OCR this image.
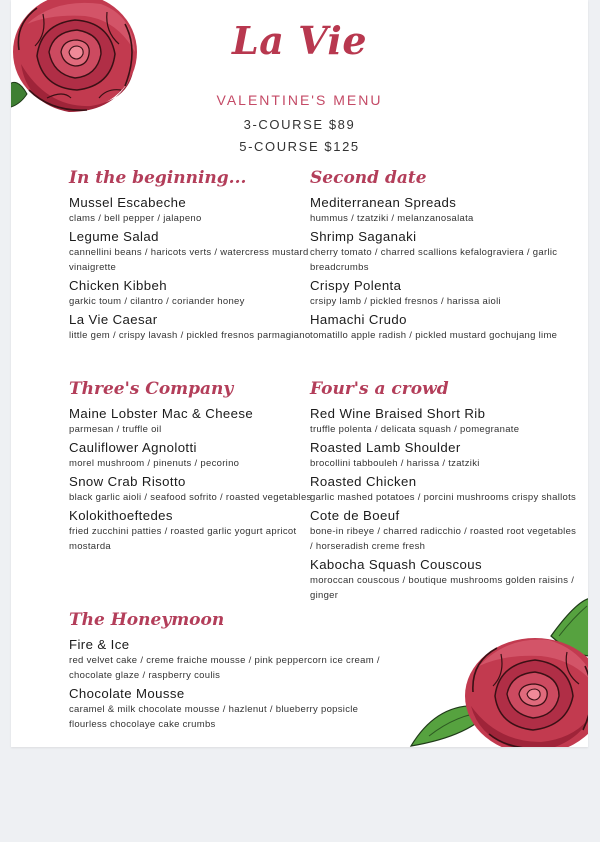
La Vie
VALENTINE'S MENU
3-COURSE $89
5-COURSE $125
In the beginning...
Mussel Escabeche
clams / bell pepper / jalapeno
Legume Salad
cannellini beans / haricots verts / watercress mustard vinaigrette
Chicken Kibbeh
garkic toum / cilantro / coriander honey
La Vie Caesar
little gem / crispy lavash / pickled fresnos parmagiano
Second date
Mediterranean Spreads
hummus / tzatziki / melanzanosalata
Shrimp Saganaki
cherry tomato / charred scallions kefalograviera / garlic breadcrumbs
Crispy Polenta
crsipy lamb / pickled fresnos / harissa aioli
Hamachi Crudo
tomatillo apple radish / pickled mustard gochujang lime
Three's Company
Maine Lobster Mac & Cheese
parmesan / truffle oil
Cauliflower Agnolotti
morel mushroom / pinenuts / pecorino
Snow Crab Risotto
black garlic aioli / seafood sofrito / roasted vegetables
Kolokithoeftedes
fried zucchini patties / roasted garlic yogurt apricot mostarda
Four's a crowd
Red Wine Braised Short Rib
truffle polenta / delicata squash / pomegranate
Roasted Lamb Shoulder
brocollini tabbouleh / harissa / tzatziki
Roasted Chicken
garlic mashed potatoes / porcini mushrooms crispy shallots
Cote de Boeuf
bone-in ribeye / charred radicchio / roasted root vegetables / horseradish creme fresh
Kabocha Squash Couscous
moroccan couscous / boutique mushrooms golden raisins / ginger
The Honeymoon
Fire & Ice
red velvet cake / creme fraiche mousse / pink peppercorn ice cream / chocolate glaze / raspberry coulis
Chocolate Mousse
caramel & milk chocolate mousse / hazlenut / blueberry popsicle flourless chocolaye cake crumbs
